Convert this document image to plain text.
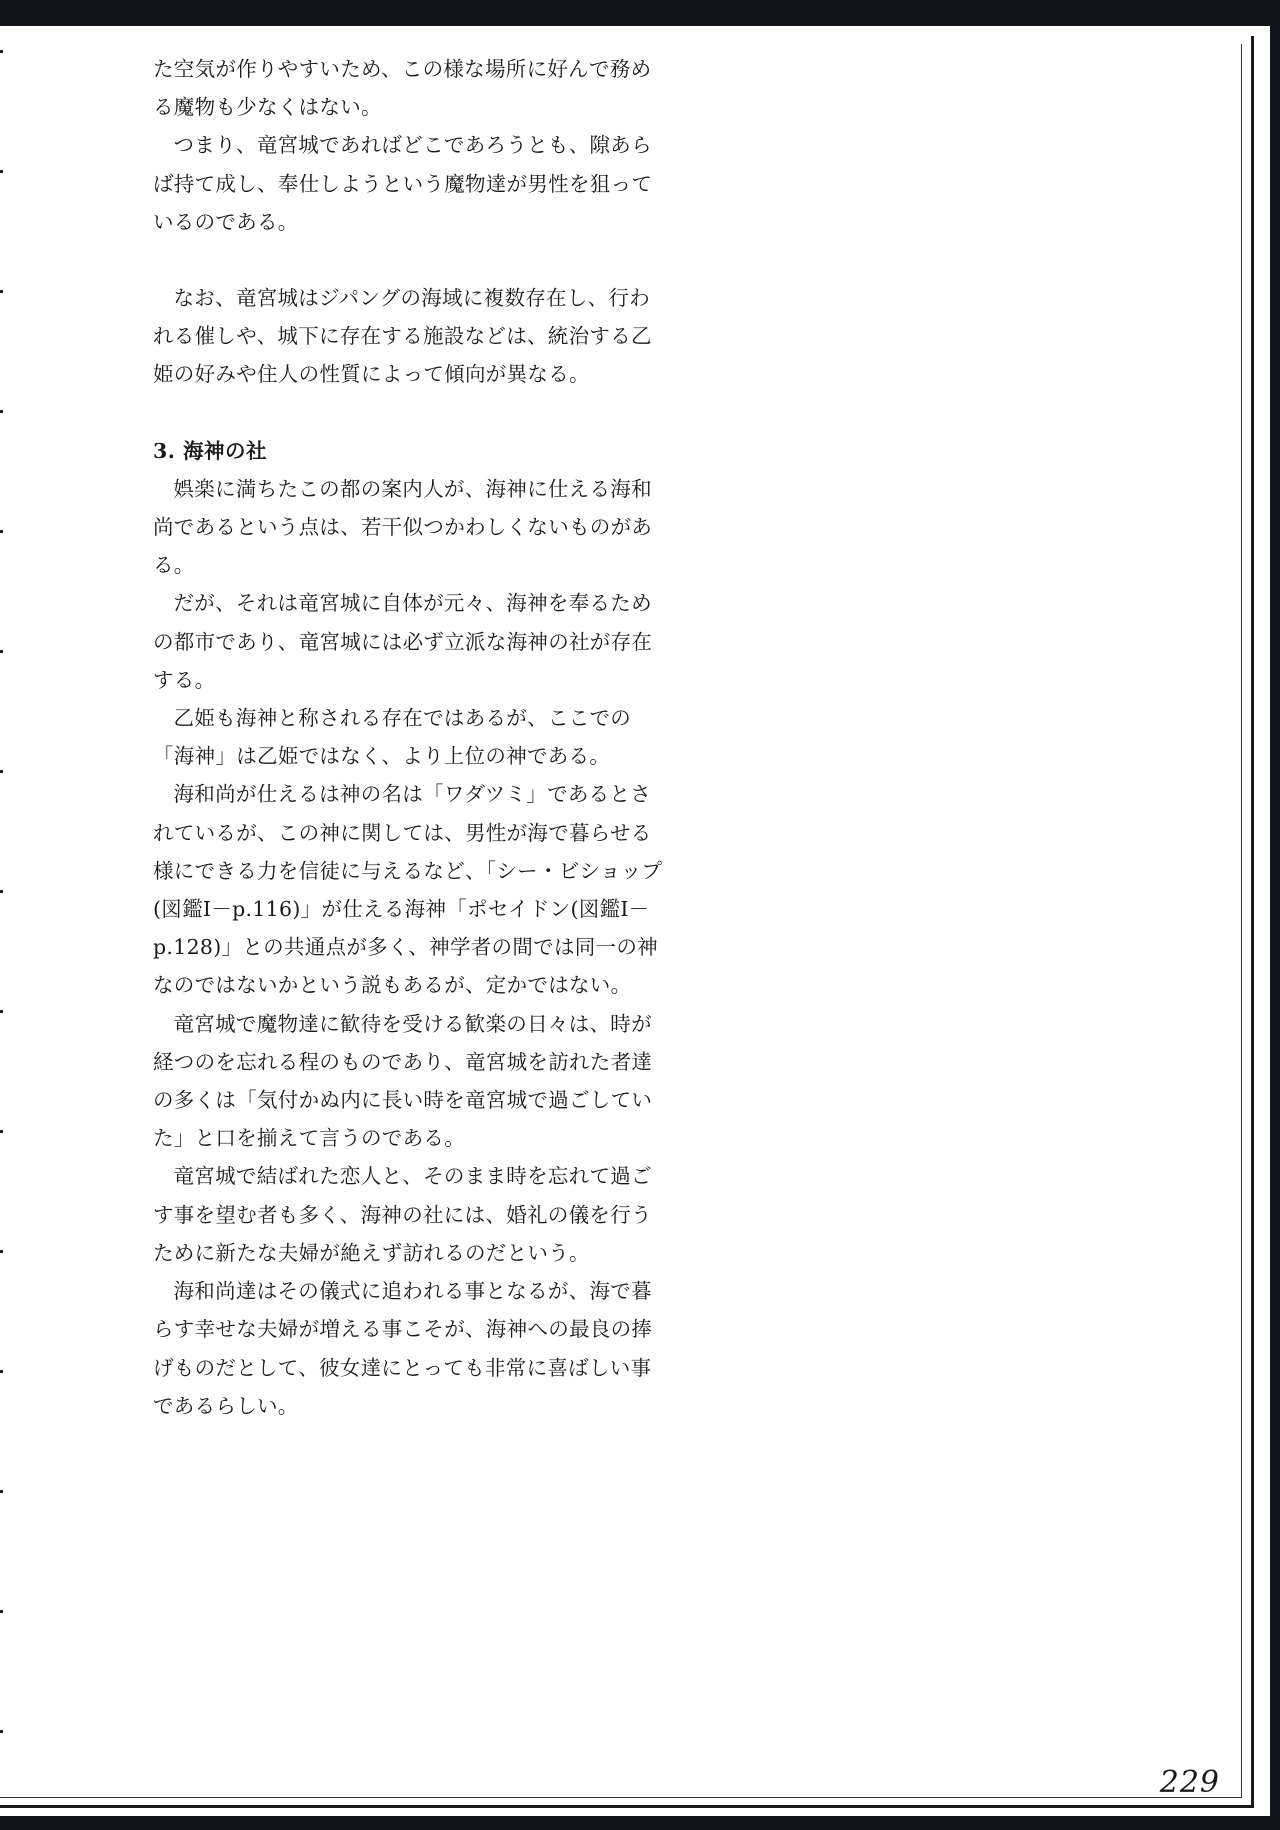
た空気が作りやすいため、この様な場所に好んで務める魔物も少なくはない。

つまり、竜宮城であればどこであろうとも、隙あらば持て成し、奉仕しようという魔物達が男性を狙っているのである。

なお、竜宮城はジパングの海域に複数存在し、行われる催しや、城下に存在する施設などは、統治する乙姫の好みや住人の性質によって傾向が異なる。

3. 海神の社

娯楽に満ちたこの都の案内人が、海神に仕える海和尚であるという点は、若干似つかわしくないものがある。

だが、それは竜宮城に自体が元々、海神を奉るための都市であり、竜宮城には必ず立派な海神の社が存在する。

乙姫も海神と称される存在ではあるが、ここでの「海神」は乙姫ではなく、より上位の神である。

海和尚が仕えるは神の名は「ワダツミ」であるとされているが、この神に関しては、男性が海で暮らせる様にできる力を信徒に与えるなど、「シー・ビショップ(図鑑Ⅰ－p.116)」が仕える海神「ポセイドン(図鑑Ⅰ－p.128)」との共通点が多く、神学者の間では同一の神なのではないかという説もあるが、定かではない。

竜宮城で魔物達に歓待を受ける歓楽の日々は、時が経つのを忘れる程のものであり、竜宮城を訪れた者達の多くは「気付かぬ内に長い時を竜宮城で過ごしていた」と口を揃えて言うのである。

竜宮城で結ばれた恋人と、そのまま時を忘れて過ごす事を望む者も多く、海神の社には、婚礼の儀を行うために新たな夫婦が絶えず訪れるのだという。

海和尚達はその儀式に追われる事となるが、海で暮らす幸せな夫婦が増える事こそが、海神への最良の捧げものだとして、彼女達にとっても非常に喜ばしい事であるらしい。

229
